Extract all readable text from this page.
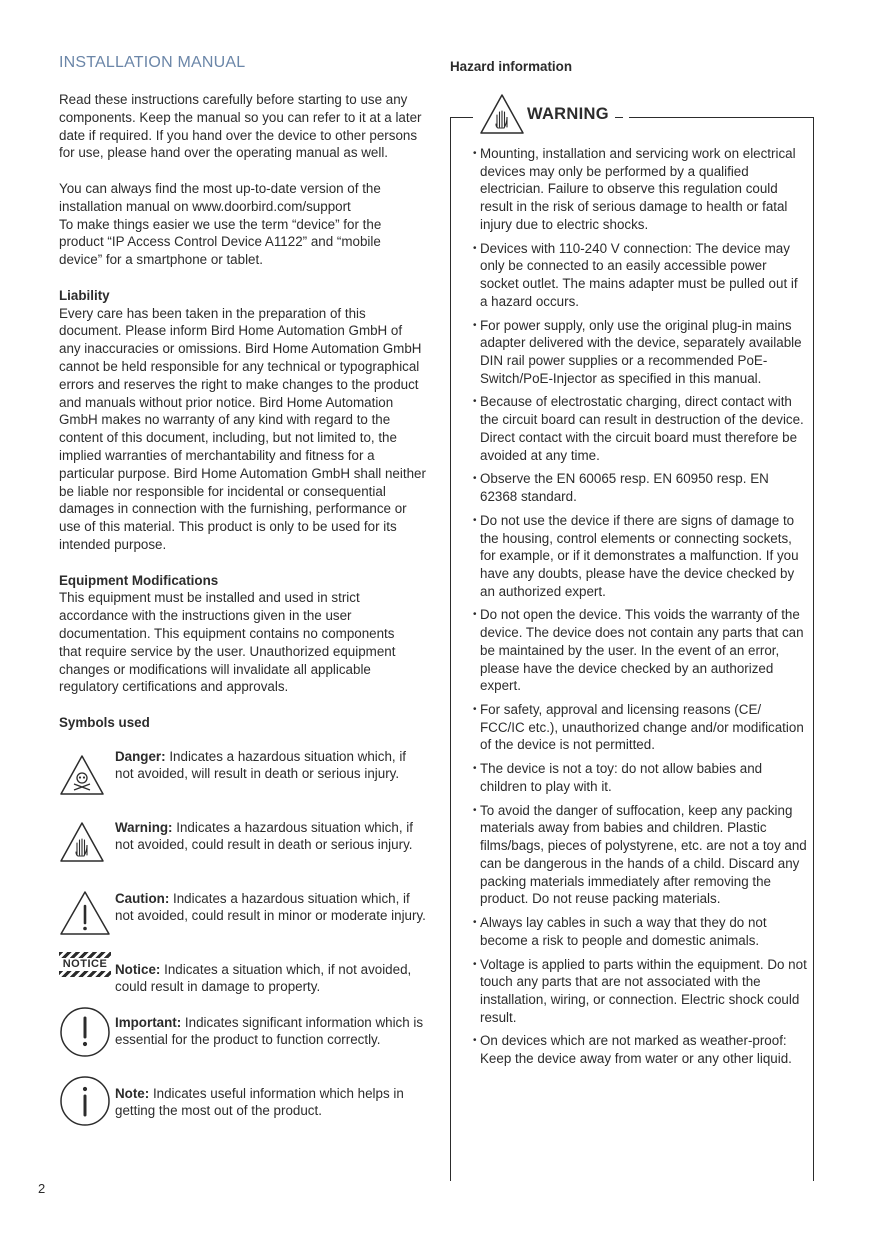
INSTALLATION MANUAL

Read these instructions carefully before starting to use any components. Keep the manual so you can refer to it at a later date if required. If you hand over the device to other persons for use, please hand over the operating manual as well.

You can always find the most up-to-date version of the installation manual on www.doorbird.com/support

To make things easier we use the term “device” for the product “IP Access Control Device A1122” and “mobile device” for a smartphone or tablet.

Liability

Every care has been taken in the preparation of this document. Please inform Bird Home Automation GmbH of any inaccuracies or omissions. Bird Home Automation GmbH cannot be held responsible for any technical or typographical errors and reserves the right to make changes to the product and manuals without prior notice. Bird Home Automation GmbH makes no warranty of any kind with regard to the content of this document, including, but not limited to, the implied warranties of merchantability and fitness for a particular purpose. Bird Home Automation GmbH shall neither be liable nor responsible for incidental or consequential damages in connection with the furnishing, performance or use of this material. This product is only to be used for its intended purpose.

Equipment Modifications

This equipment must be installed and used in strict accordance with the instructions given in the user documentation. This equipment contains no components that require service by the user. Unauthorized equipment changes or modifications will invalidate all applicable regulatory certifications and approvals.

Symbols used

Danger: Indicates a hazardous situation which, if not avoided, will result in death or serious injury.
Warning: Indicates a hazardous situation which, if not avoided, could result in death or serious injury.
Caution: Indicates a hazardous situation which, if not avoided, could result in minor or moderate injury.
NOTICE Notice: Indicates a situation which, if not avoided, could result in damage to property.
Important: Indicates significant information which is essential for the product to function correctly.
Note: Indicates useful information which helps in getting the most out of the product.

Hazard information

WARNING
• Mounting, installation and servicing work on electrical devices may only be performed by a qualified electrician. Failure to observe this regulation could result in the risk of serious damage to health or fatal injury due to electric shocks.
• Devices with 110-240 V connection: The device may only be connected to an easily accessible power socket outlet. The mains adapter must be pulled out if a hazard occurs.
• For power supply, only use the original plug-in mains adapter delivered with the device, separately available DIN rail power supplies or a recommended PoE-Switch/PoE-Injector as specified in this manual.
• Because of electrostatic charging, direct contact with the circuit board can result in destruction of the device. Direct contact with the circuit board must therefore be avoided at any time.
• Observe the EN 60065 resp. EN 60950 resp. EN 62368 standard.
• Do not use the device if there are signs of damage to the housing, control elements or connecting sockets, for example, or if it demonstrates a malfunction. If you have any doubts, please have the device checked by an authorized expert.
• Do not open the device. This voids the warranty of the device. The device does not contain any parts that can be maintained by the user. In the event of an error, please have the device checked by an authorized expert.
• For safety, approval and licensing reasons (CE/ FCC/IC etc.), unauthorized change and/or modification of the device is not permitted.
• The device is not a toy: do not allow babies and children to play with it.
• To avoid the danger of suffocation, keep any packing materials away from babies and children. Plastic films/bags, pieces of polystyrene, etc. are not a toy and can be dangerous in the hands of a child. Discard any packing materials immediately after removing the product. Do not reuse packing materials.
• Always lay cables in such a way that they do not become a risk to people and domestic animals.
• Voltage is applied to parts within the equipment. Do not touch any parts that are not associated with the installation, wiring, or connection. Electric shock could result.
• On devices which are not marked as weather-proof: Keep the device away from water or any other liquid.
2
